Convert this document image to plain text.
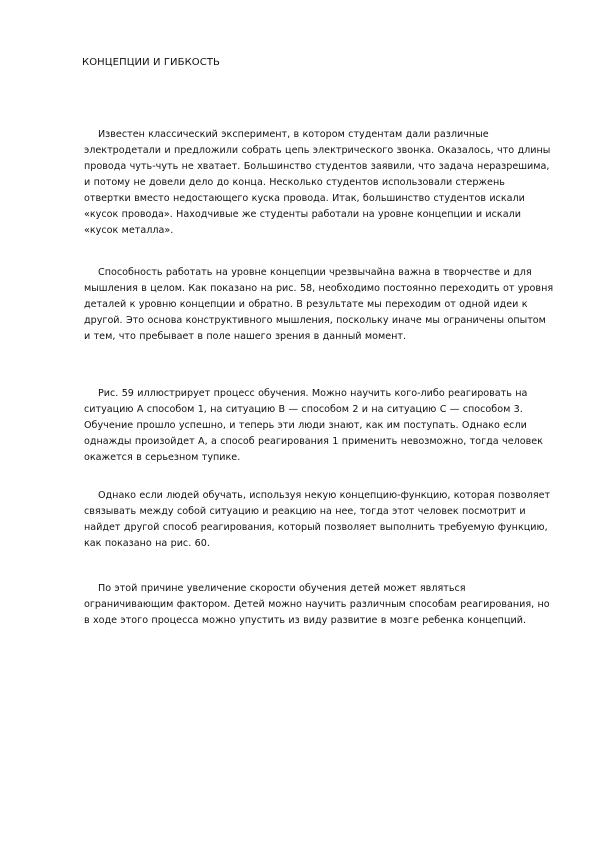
КОНЦЕПЦИИ И ГИБКОСТЬ

Известен классический эксперимент, в котором студентам дали различные электродетали и предложили собрать цепь электрического звонка. Оказалось, что длины провода чуть-чуть не хватает. Большинство студентов заявили, что задача неразрешима, и потому не довели дело до конца. Несколько студентов использовали стержень отвертки вместо недостающего куска провода. Итак, большинство студентов искали «кусок провода». Находчивые же студенты работали на уровне концепции и искали «кусок металла».

Способность работать на уровне концепции чрезвычайна важна в творчестве и для мышления в целом. Как показано на рис. 58, необходимо постоянно переходить от уровня деталей к уровню концепции и обратно. В результате мы переходим от одной идеи к другой. Это основа конструктивного мышления, поскольку иначе мы ограничены опытом и тем, что пребывает в поле нашего зрения в данный момент.

Рис. 59 иллюстрирует процесс обучения. Можно научить кого-либо реагировать на ситуацию А способом 1, на ситуацию В — способом 2 и на ситуацию С — способом 3. Обучение прошло успешно, и теперь эти люди знают, как им поступать. Однако если однажды произойдет А, а способ реагирования 1 применить невозможно, тогда человек окажется в серьезном тупике.

Однако если людей обучать, используя некую концепцию-функцию, которая позволяет связывать между собой ситуацию и реакцию на нее, тогда этот человек посмотрит и найдет другой способ реагирования, который позволяет выполнить требуемую функцию, как показано на рис. 60.

По этой причине увеличение скорости обучения детей может являться ограничивающим фактором. Детей можно научить различным способам реагирования, но в ходе этого процесса можно упустить из виду развитие в мозге ребенка концепций.
